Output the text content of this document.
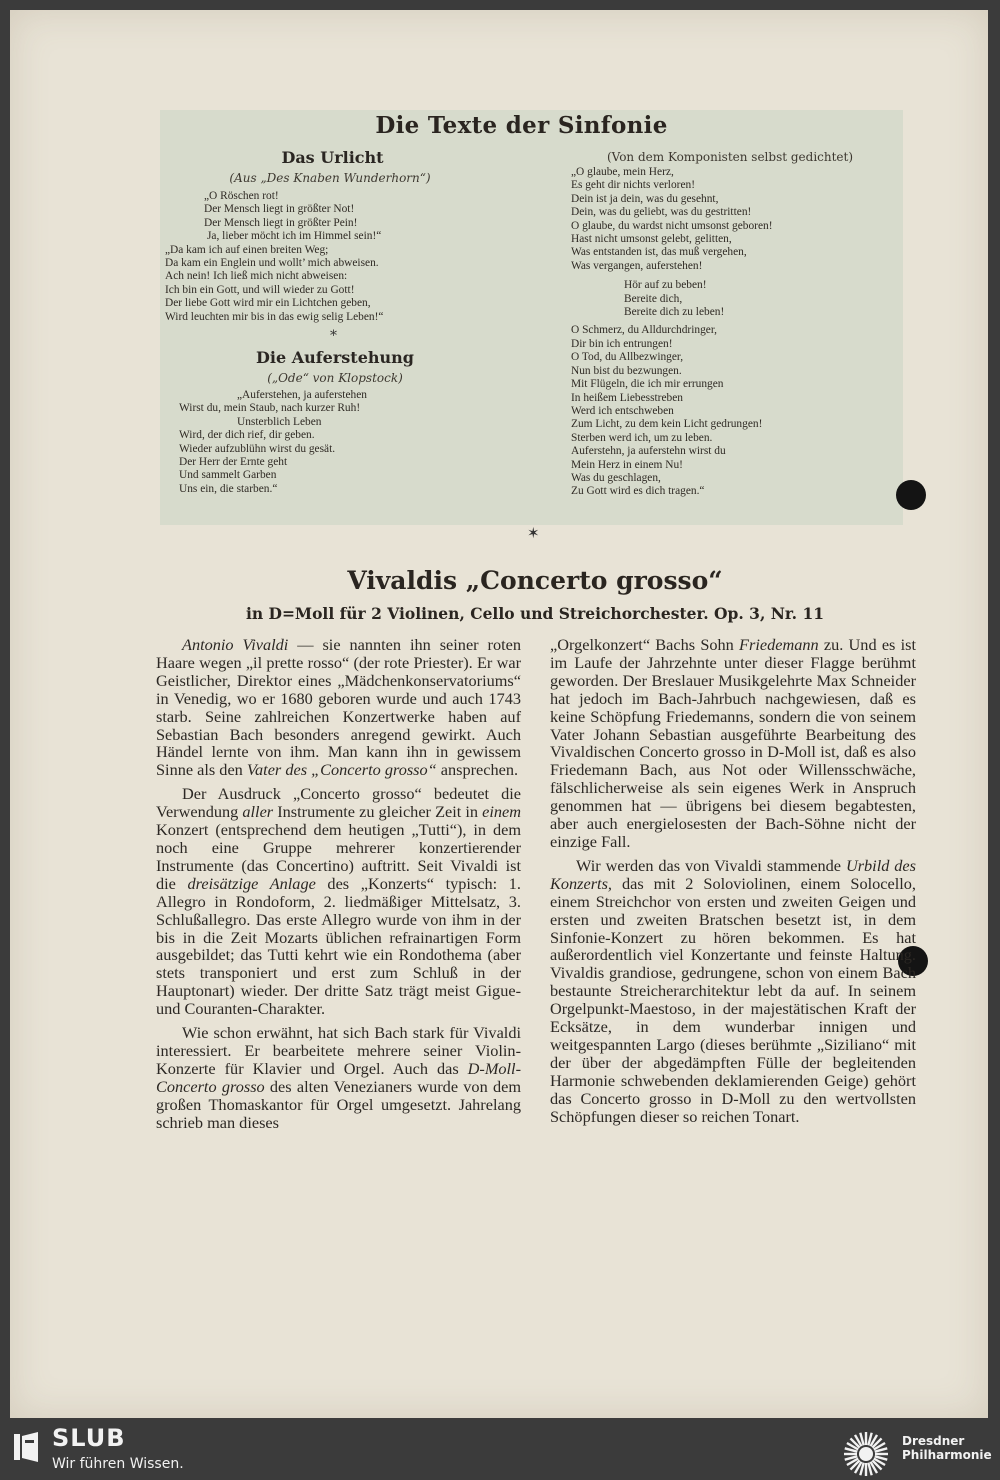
Die Texte der Sinfonie
Das Urlicht
(Aus „Des Knaben Wunderhorn“)
„O Röschen rot!
Der Mensch liegt in größter Not!
Der Mensch liegt in größter Pein!
Ja, lieber möcht ich im Himmel sein!“
„Da kam ich auf einen breiten Weg;
Da kam ein Englein und wollt’ mich abweisen.
Ach nein! Ich ließ mich nicht abweisen:
Ich bin ein Gott, und will wieder zu Gott!
Der liebe Gott wird mir ein Lichtchen geben,
Wird leuchten mir bis in das ewig selig Leben!“
*
Die Auferstehung
(„Ode“ von Klopstock)
„Auferstehen, ja auferstehen
Wirst du, mein Staub, nach kurzer Ruh!
Unsterblich Leben
Wird, der dich rief, dir geben.
Wieder aufzublühn wirst du gesät.
Der Herr der Ernte geht
Und sammelt Garben
Uns ein, die starben.“
(Von dem Komponisten selbst gedichtet)
„O glaube, mein Herz,
Es geht dir nichts verloren!
Dein ist ja dein, was du gesehnt,
Dein, was du geliebt, was du gestritten!
O glaube, du wardst nicht umsonst geboren!
Hast nicht umsonst gelebt, gelitten,
Was entstanden ist, das muß vergehen,
Was vergangen, auferstehen!
Hör auf zu beben!
Bereite dich,
Bereite dich zu leben!
O Schmerz, du Alldurchdringer,
Dir bin ich entrungen!
O Tod, du Allbezwinger,
Nun bist du bezwungen.
Mit Flügeln, die ich mir errungen
In heißem Liebesstreben
Werd ich entschweben
Zum Licht, zu dem kein Licht gedrungen!
Sterben werd ich, um zu leben.
Auferstehn, ja auferstehn wirst du
Mein Herz in einem Nu!
Was du geschlagen,
Zu Gott wird es dich tragen.“
✶
Vivaldis „Concerto grosso“
in D=Moll für 2 Violinen, Cello und Streichorchester. Op. 3, Nr. 11

Antonio Vivaldi — sie nannten ihn seiner roten Haare wegen „il prette rosso“ (der rote Priester). Er war Geistlicher, Direktor eines „Mädchenkonservatoriums“ in Venedig, wo er 1680 geboren wurde und auch 1743 starb. Seine zahlreichen Konzertwerke haben auf Sebastian Bach besonders anregend gewirkt. Auch Händel lernte von ihm. Man kann ihn in gewissem Sinne als den Vater des „Concerto grosso“ ansprechen.

Der Ausdruck „Concerto grosso“ bedeutet die Verwendung aller Instrumente zu gleicher Zeit in einem Konzert (entsprechend dem heutigen „Tutti“), in dem noch eine Gruppe mehrerer konzertierender Instrumente (das Concertino) auftritt. Seit Vivaldi ist die dreisätzige Anlage des „Konzerts“ typisch: 1. Allegro in Rondoform, 2. liedmäßiger Mittelsatz, 3. Schlußallegro. Das erste Allegro wurde von ihm in der bis in die Zeit Mozarts üblichen refrainartigen Form ausgebildet; das Tutti kehrt wie ein Rondothema (aber stets transponiert und erst zum Schluß in der Hauptonart) wieder. Der dritte Satz trägt meist Gigue- und Couranten-Charakter.

Wie schon erwähnt, hat sich Bach stark für Vivaldi interessiert. Er bearbeitete mehrere seiner Violin-Konzerte für Klavier und Orgel. Auch das D-Moll-Concerto grosso des alten Venezianers wurde von dem großen Thomaskantor für Orgel umgesetzt. Jahrelang schrieb man dieses

„Orgelkonzert“ Bachs Sohn Friedemann zu. Und es ist im Laufe der Jahrzehnte unter dieser Flagge berühmt geworden. Der Breslauer Musikgelehrte Max Schneider hat jedoch im Bach-Jahrbuch nachgewiesen, daß es keine Schöpfung Friedemanns, sondern die von seinem Vater Johann Sebastian ausgeführte Bearbeitung des Vivaldischen Concerto grosso in D-Moll ist, daß es also Friedemann Bach, aus Not oder Willensschwäche, fälschlicherweise als sein eigenes Werk in Anspruch genommen hat — übrigens bei diesem begabtesten, aber auch energielosesten der Bach-Söhne nicht der einzige Fall.

Wir werden das von Vivaldi stammende Urbild des Konzerts, das mit 2 Soloviolinen, einem Solocello, einem Streichchor von ersten und zweiten Geigen und ersten und zweiten Bratschen besetzt ist, in dem Sinfonie-Konzert zu hören bekommen. Es hat außerordentlich viel Konzertante und feinste Haltung. Vivaldis grandiose, gedrungene, schon von einem Bach bestaunte Streicherarchitektur lebt da auf. In seinem Orgelpunkt-Maestoso, in der majestätischen Kraft der Ecksätze, in dem wunderbar innigen und weitgespannten Largo (dieses berühmte „Siziliano“ mit der über der abgedämpften Fülle der begleitenden Harmonie schwebenden deklamierenden Geige) gehört das Concerto grosso in D-Moll zu den wertvollsten Schöpfungen dieser so reichen Tonart.

SLUB
Wir führen Wissen.
Dresdner
Philharmonie
